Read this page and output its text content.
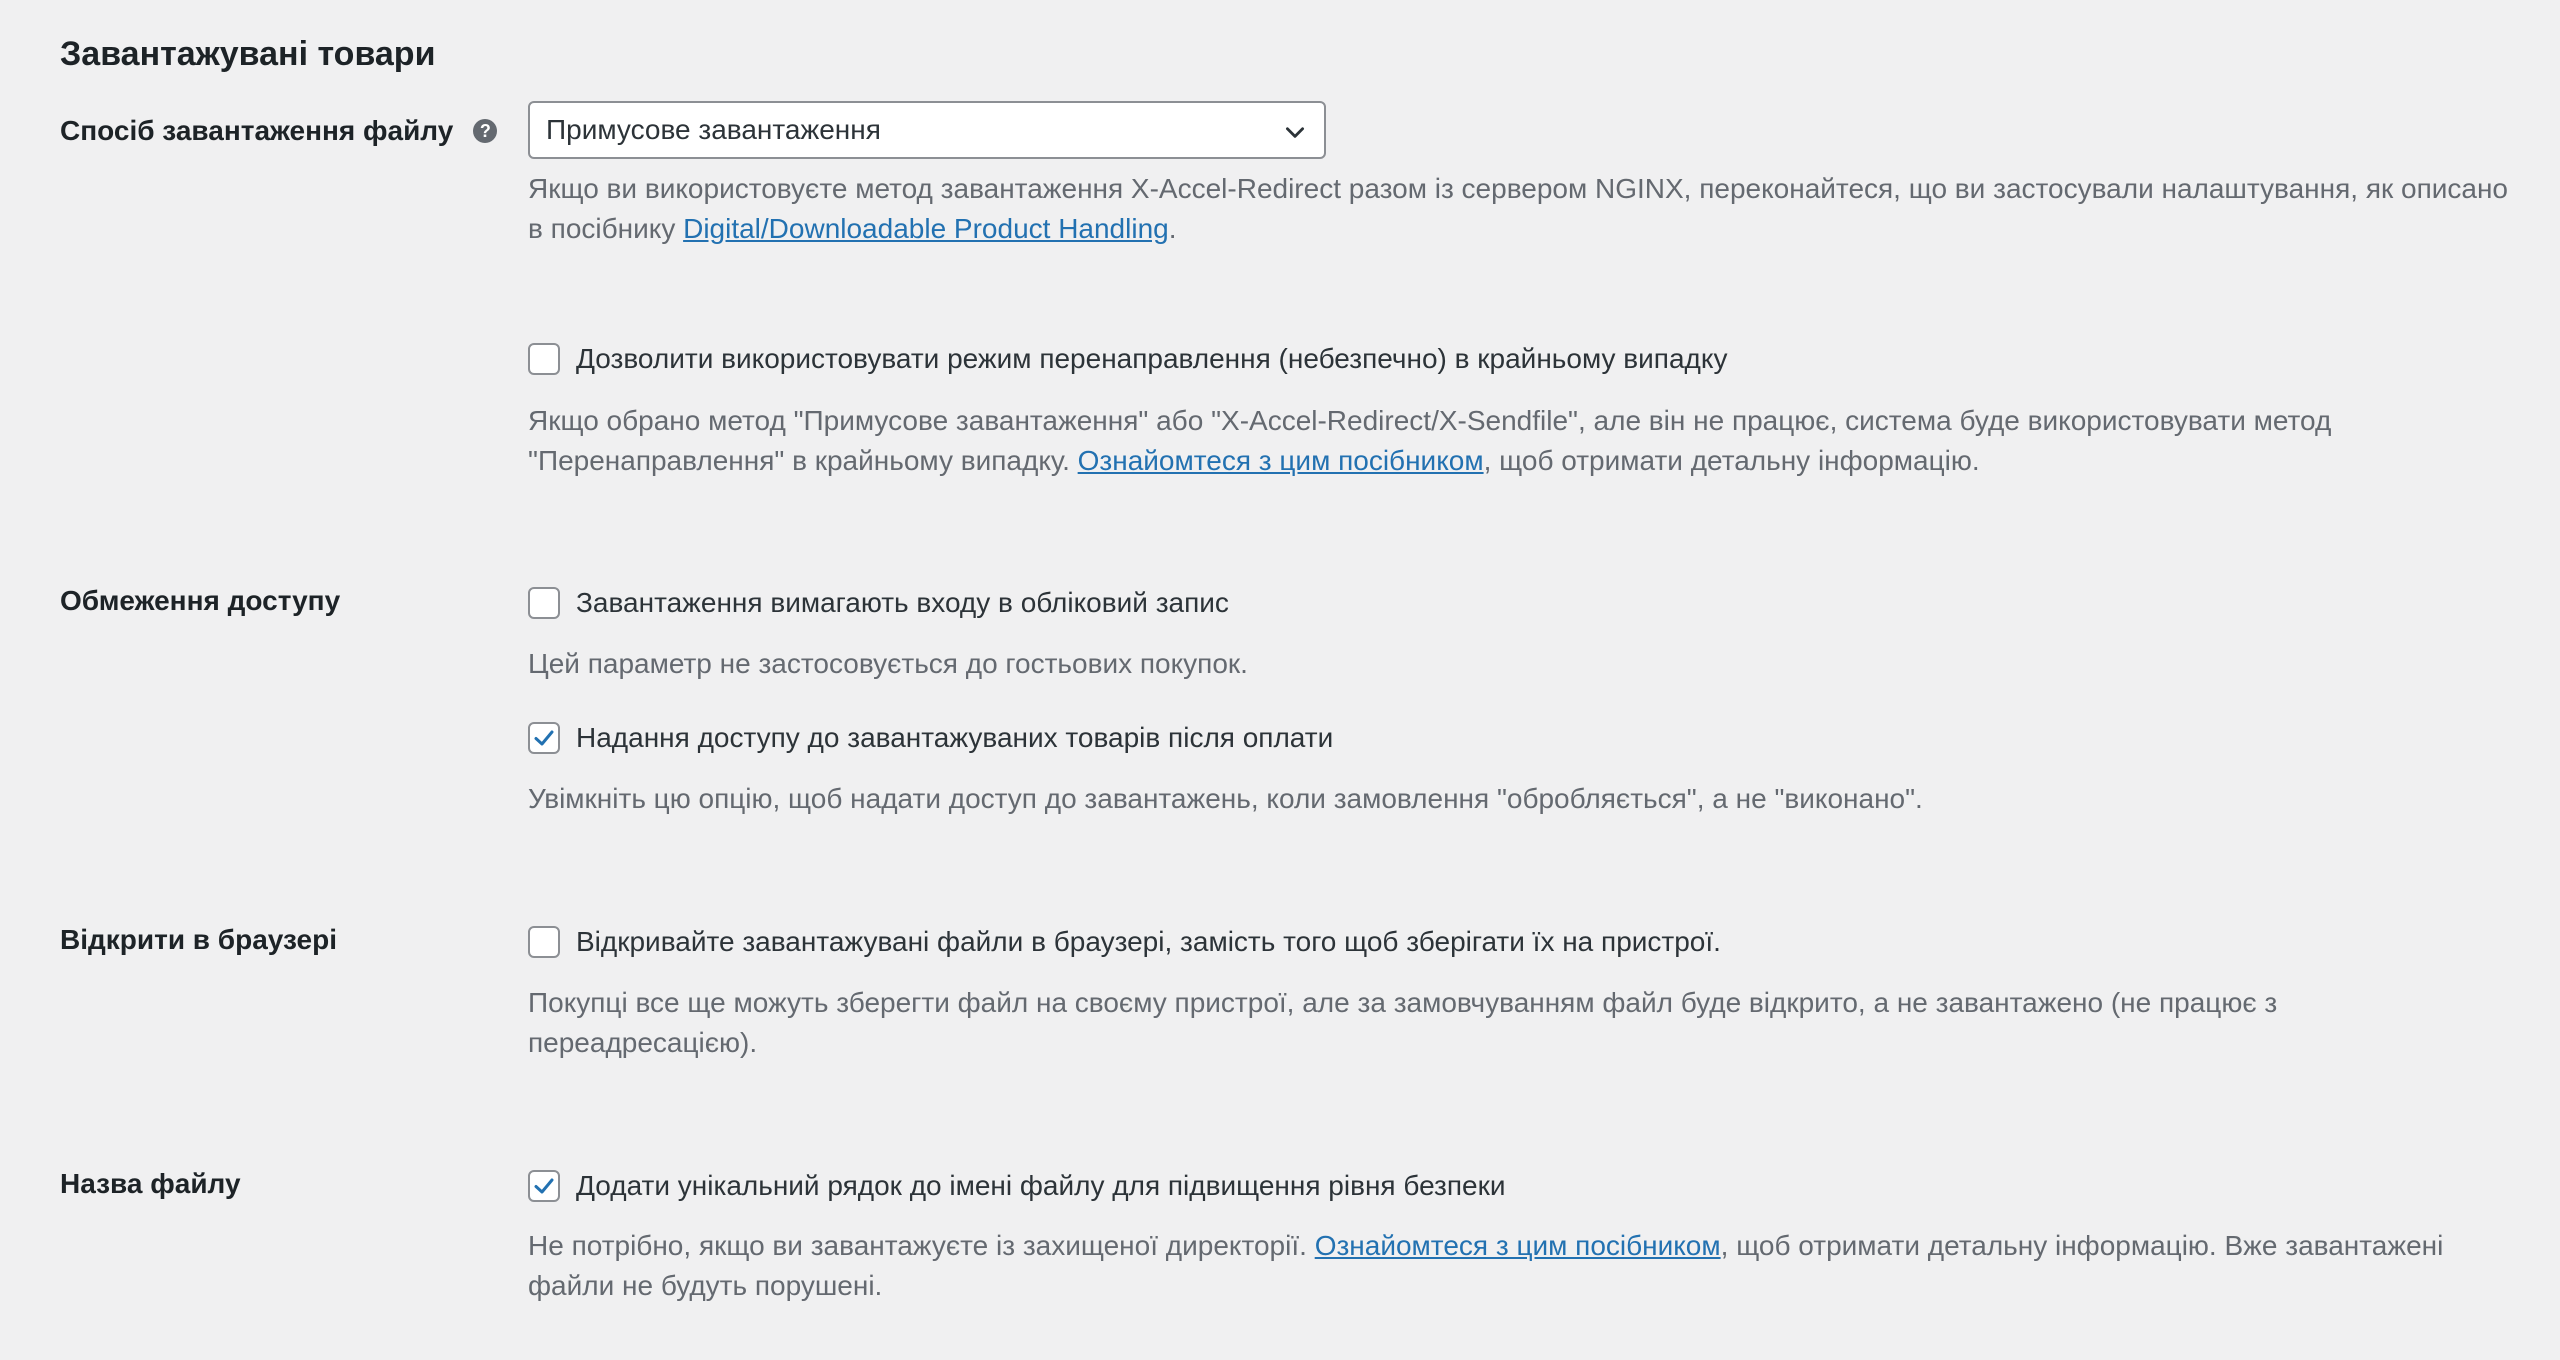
Завантажувані товари
Спосіб завантаження файлу	? Примусове завантаження

Якщо ви використовуєте метод завантаження X-Accel-Redirect разом із сервером NGINX, переконайтеся, що ви застосували налаштування, як описано в посібнику Digital/Downloadable Product Handling.

Дозволити використовувати режим перенаправлення (небезпечно) в крайньому випадку

Якщо обрано метод "Примусове завантаження" або "X-Accel-Redirect/X-Sendfile", але він не працює, система буде використовувати метод "Перенаправлення" в крайньому випадку. Ознайомтеся з цим посібником, щоб отримати детальну інформацію.

Обмеження доступу	Завантаження вимагають входу в обліковий запис

Цей параметр не застосовується до гостьових покупок.

Надання доступу до завантажуваних товарів після оплати

Увімкніть цю опцію, щоб надати доступ до завантажень, коли замовлення "обробляється", а не "виконано".

Відкрити в браузері	Відкривайте завантажувані файли в браузері, замість того щоб зберігати їх на пристрої.

Покупці все ще можуть зберегти файл на своєму пристрої, але за замовчуванням файл буде відкрито, а не завантажено (не працює з переадресацією).

Назва файлу	Додати унікальний рядок до імені файлу для підвищення рівня безпеки

Не потрібно, якщо ви завантажуєте із захищеної директорії. Ознайомтеся з цим посібником, щоб отримати детальну інформацію. Вже завантажені файли не будуть порушені.
